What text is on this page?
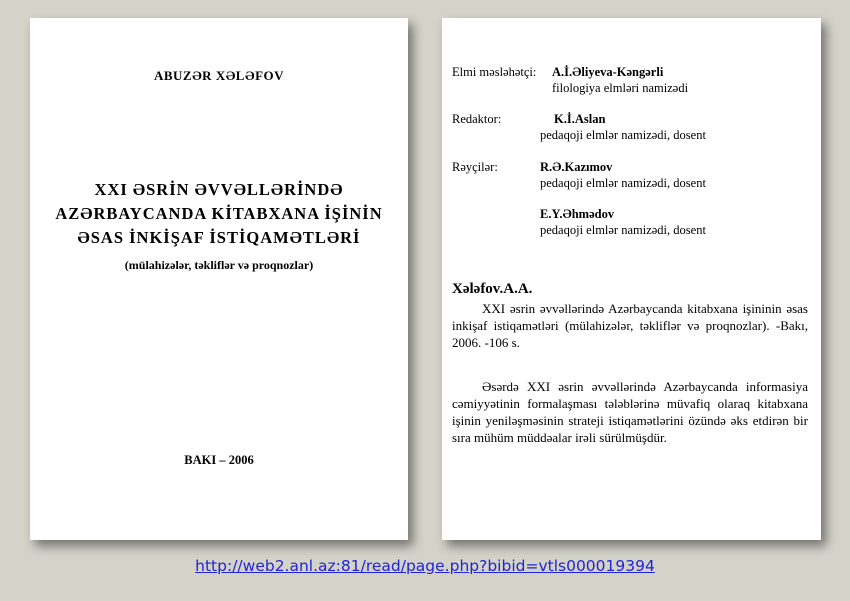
ABUZƏR XƏLƏFOV
XXI ƏSRİN ƏVVƏLLƏRİNDƏ
AZƏRBAYCANDA KİTABXANA İŞİNİN
ƏSAS İNKİŞAF İSTİQAMƏTLƏRİ
(mülahizələr, təkliflər və proqnozlar)
BAKI – 2006
Elmi məsləhətçi: A.İ.Əliyeva-Kəngərli
filologiya elmləri namizədi
Redaktor:	K.İ.Aslan
pedaqoji elmlər namizədi, dosent
Rəyçilər:	R.Ə.Kazımov
pedaqoji elmlər namizədi, dosent
E.Y.Əhmədov
pedaqoji elmlər namizədi, dosent
Xələfov.A.A.

XXI əsrin əvvəllərində Azərbaycanda kitabxana işininin əsas inkişaf istiqamətləri (mülahizələr, təkliflər və proqnozlar). -Bakı, 2006. -106 s.

Əsərdə XXI əsrin əvvəllərində Azərbaycanda informasiya cəmiyyətinin formalaşması tələblərinə müvafiq olaraq kitabxana işinin yeniləşməsinin strateji istiqamətlərini özündə əks etdirən bir sıra mühüm müddəalar irəli sürülmüşdür.

http://web2.anl.az:81/read/page.php?bibid=vtls000019394
